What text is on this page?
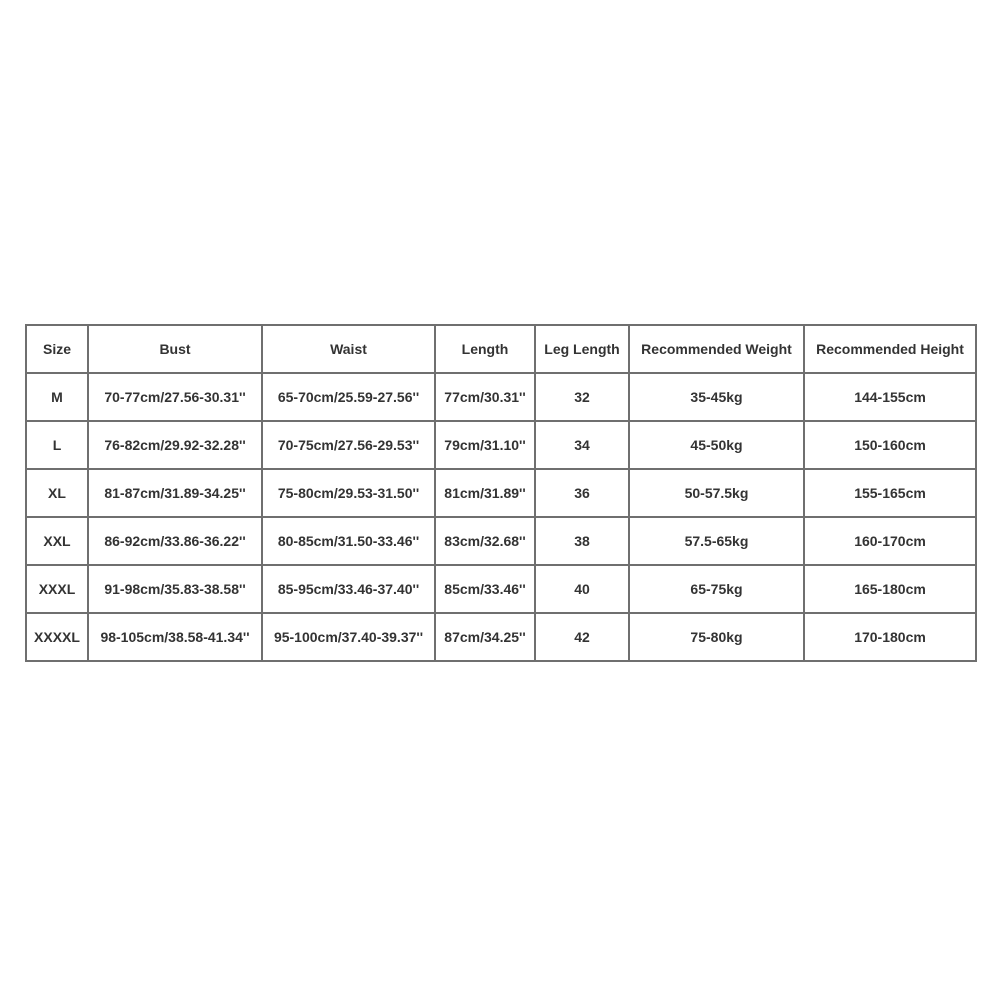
Size	Bust	Waist	Length	Leg Length	Recommended Weight	Recommended Height
M	70-77cm/27.56-30.31''	65-70cm/25.59-27.56''	77cm/30.31''	32	35-45kg	144-155cm
L	76-82cm/29.92-32.28''	70-75cm/27.56-29.53''	79cm/31.10''	34	45-50kg	150-160cm
XL	81-87cm/31.89-34.25''	75-80cm/29.53-31.50''	81cm/31.89''	36	50-57.5kg	155-165cm
XXL	86-92cm/33.86-36.22''	80-85cm/31.50-33.46''	83cm/32.68''	38	57.5-65kg	160-170cm
XXXL	91-98cm/35.83-38.58''	85-95cm/33.46-37.40''	85cm/33.46''	40	65-75kg	165-180cm
XXXXL	98-105cm/38.58-41.34''	95-100cm/37.40-39.37''	87cm/34.25''	42	75-80kg	170-180cm
